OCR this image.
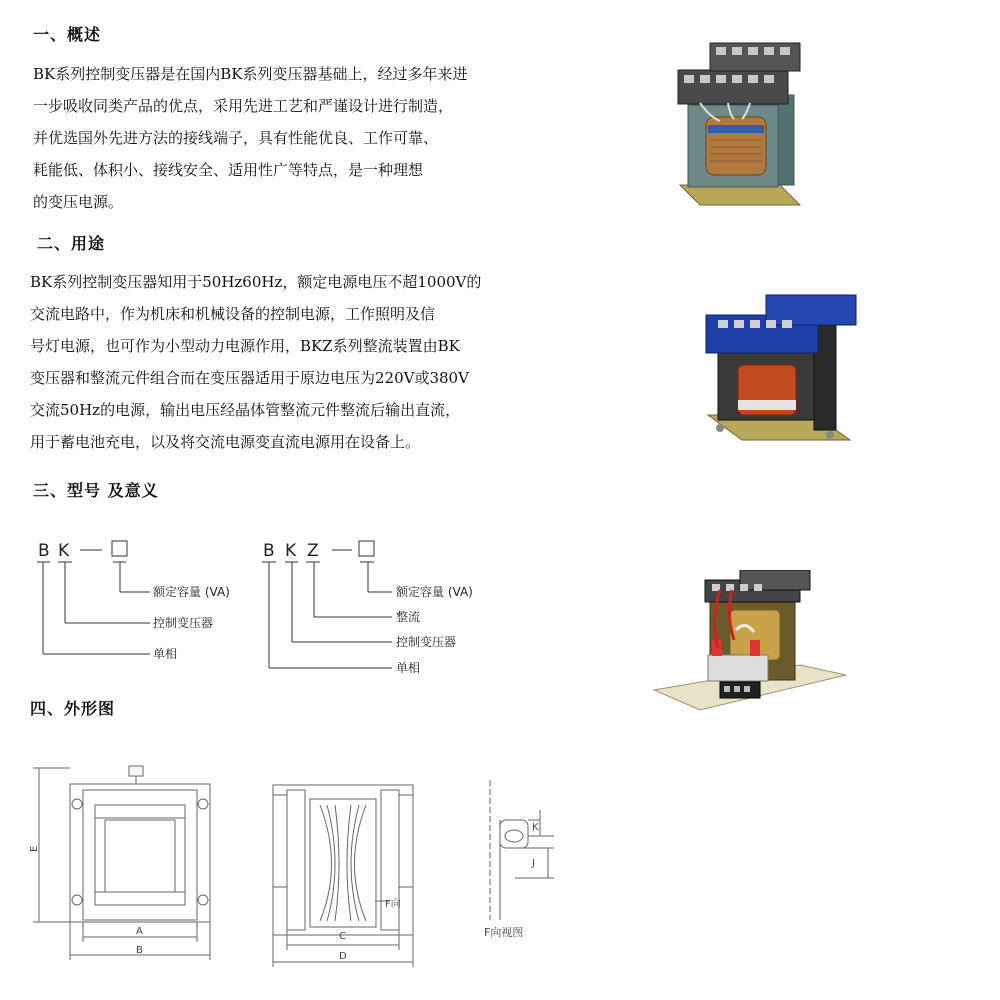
一、概述
BK系列控制变压器是在国内BK系列变压器基础上，经过多年来进
一步吸收同类产品的优点，采用先进工艺和严谨设计进行制造，
并优选国外先进方法的接线端子，具有性能优良、工作可靠、
耗能低、体积小、接线安全、适用性广等特点，是一种理想
的变压电源。
二、用途
BK系列控制变压器知用于50Hz60Hz，额定电源电压不超1000V的
交流电路中，作为机床和机械设备的控制电源，工作照明及信
号灯电源，也可作为小型动力电源作用，BKZ系列整流装置由BK
变压器和整流元件组合而在变压器适用于原边电压为220V或380V
交流50Hz的电源，输出电压经晶体管整流元件整流后输出直流，
用于蓄电池充电，以及将交流电源变直流电源用在设备上。
三、型号 及意义
B K
额定容量 (VA)
控制变压器
单相
B K Z
额定容量 (VA)
整流
控制变压器
单相
四、外形图
E
A
B
C
D
F向
K
J
F向视图
